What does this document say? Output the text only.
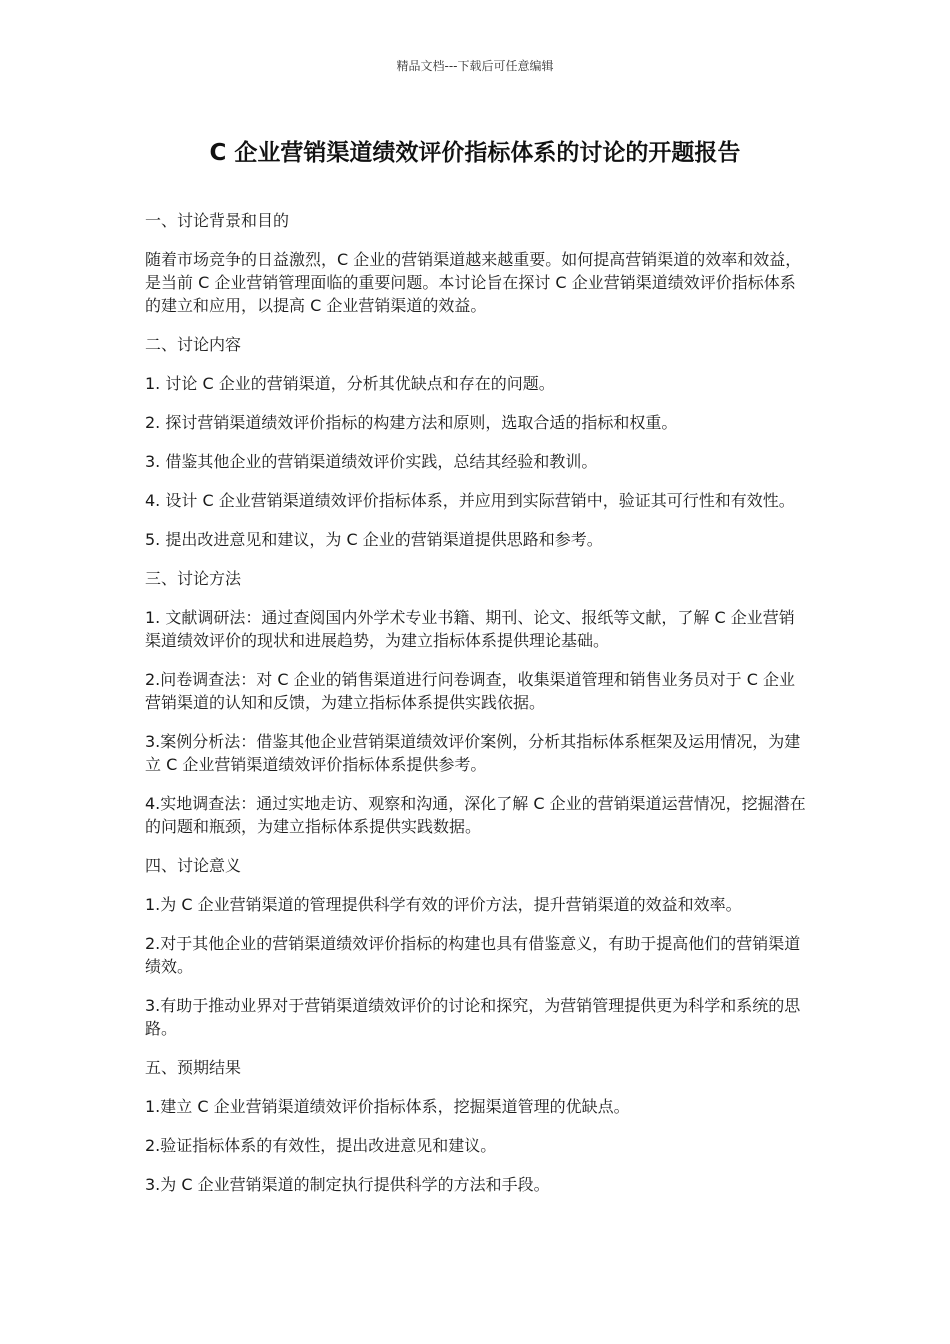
精品文档---下载后可任意编辑
C 企业营销渠道绩效评价指标体系的讨论的开题报告

一、讨论背景和目的

随着市场竞争的日益激烈，C 企业的营销渠道越来越重要。如何提高营销渠道的效率和效益，是当前 C 企业营销管理面临的重要问题。本讨论旨在探讨 C 企业营销渠道绩效评价指标体系的建立和应用，以提高 C 企业营销渠道的效益。

二、讨论内容

1. 讨论 C 企业的营销渠道，分析其优缺点和存在的问题。

2. 探讨营销渠道绩效评价指标的构建方法和原则，选取合适的指标和权重。

3. 借鉴其他企业的营销渠道绩效评价实践，总结其经验和教训。

4. 设计 C 企业营销渠道绩效评价指标体系，并应用到实际营销中，验证其可行性和有效性。

5. 提出改进意见和建议，为 C 企业的营销渠道提供思路和参考。

三、讨论方法

1. 文献调研法：通过查阅国内外学术专业书籍、期刊、论文、报纸等文献，了解 C 企业营销渠道绩效评价的现状和进展趋势，为建立指标体系提供理论基础。

2.问卷调查法：对 C 企业的销售渠道进行问卷调查，收集渠道管理和销售业务员对于 C 企业营销渠道的认知和反馈，为建立指标体系提供实践依据。

3.案例分析法：借鉴其他企业营销渠道绩效评价案例，分析其指标体系框架及运用情况，为建立 C 企业营销渠道绩效评价指标体系提供参考。

4.实地调查法：通过实地走访、观察和沟通，深化了解 C 企业的营销渠道运营情况，挖掘潜在的问题和瓶颈，为建立指标体系提供实践数据。

四、讨论意义

1.为 C 企业营销渠道的管理提供科学有效的评价方法，提升营销渠道的效益和效率。

2.对于其他企业的营销渠道绩效评价指标的构建也具有借鉴意义，有助于提高他们的营销渠道绩效。

3.有助于推动业界对于营销渠道绩效评价的讨论和探究，为营销管理提供更为科学和系统的思路。

五、预期结果

1.建立 C 企业营销渠道绩效评价指标体系，挖掘渠道管理的优缺点。

2.验证指标体系的有效性，提出改进意见和建议。

3.为 C 企业营销渠道的制定执行提供科学的方法和手段。
